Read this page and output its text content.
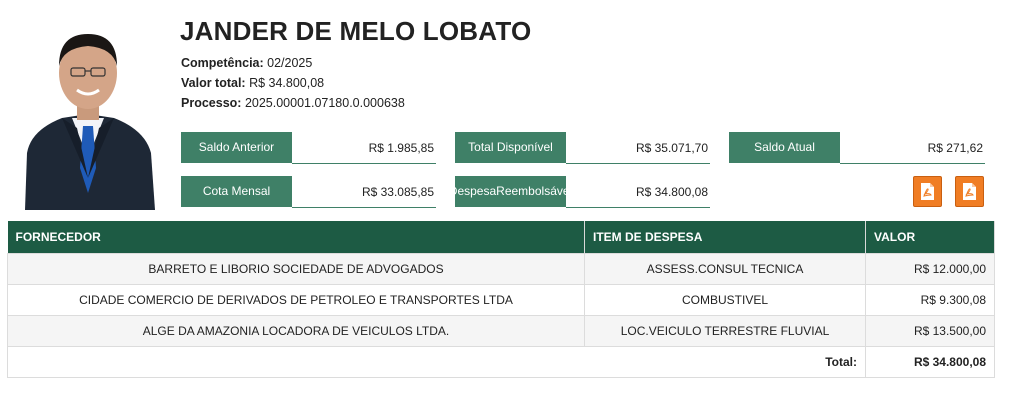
JANDER DE MELO LOBATO
Competência: 02/2025
Valor total: R$ 34.800,08
Processo: 2025.00001.07180.0.000638
Saldo Anterior	R$ 1.985,85	Total Disponível	R$ 35.071,70	Saldo Atual	R$ 271,62
Cota Mensal	R$ 33.085,85 Despesa Reembolsável	R$ 34.800,08
FORNECEDOR	ITEM DE DESPESA	VALOR
BARRETO E LIBORIO SOCIEDADE DE ADVOGADOS	ASSESS.CONSUL TECNICA	R$ 12.000,00
CIDADE COMERCIO DE DERIVADOS DE PETROLEO E TRANSPORTES LTDA	COMBUSTIVEL	R$ 9.300,08
ALGE DA AMAZONIA LOCADORA DE VEICULOS LTDA.	LOC.VEICULO TERRESTRE FLUVIAL	R$ 13.500,00
Total:		R$ 34.800,08
